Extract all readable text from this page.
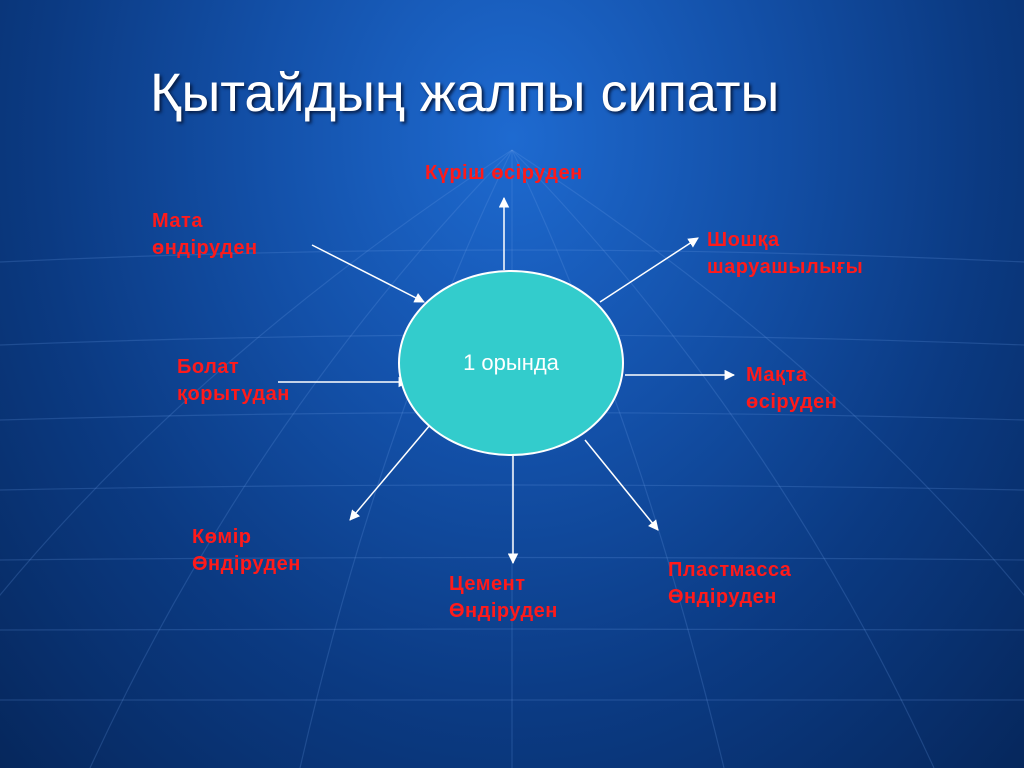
Қытайдың жалпы сипаты
1 орында
Күріш өсіруден
Мата
өндіруден	Шошқа
шаруашылығы
Болат
қорытудан
Мақта
өсіруден
Көмір
Өндіруден
Цемент
Өндіруден
Пластмасса
Өндіруден
